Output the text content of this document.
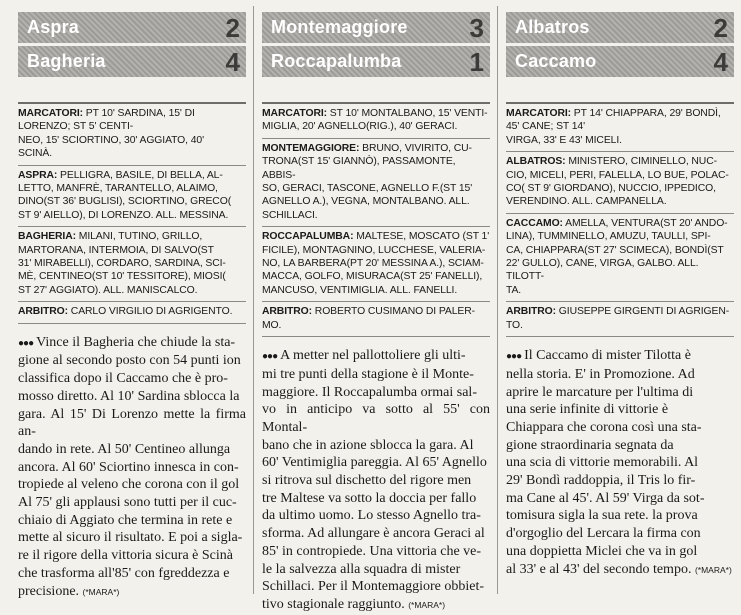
Aspra	2
Bagheria	4
MARCATORI: PT 10' SARDINA, 15' DI LORENZO; ST 5' CENTI-
NEO, 15' SCIORTINO, 30' AGGIATO, 40'
SCINÀ.
ASPRA: PELLIGRA, BASILE, DI BELLA, AL-
LETTO, MANFRÈ, TARANTELLO, ALAIMO,
DINO(ST 36' BUGLISI), SCIORTINO, GRECO(
ST 9' AIELLO), DI LORENZO. ALL. MESSINA.
BAGHERIA: MILANI, TUTINO, GRILLO,
MARTORANA, INTERMOIA, DI SALVO(ST
31' MIRABELLI), CORDARO, SARDINA, SCI-
MÈ, CENTINEO(ST 10' TESSITORE), MIOSI(
ST 27' AGGIATO). ALL. MANISCALCO.
ARBITRO: CARLO VIRGILIO DI AGRIGENTO.
●●● Vince il Bagheria che chiude la sta-
gione al secondo posto con 54 punti ion
classifica dopo il Caccamo che è pro-
mosso diretto. Al 10' Sardina sblocca la
gara. Al 15' Di Lorenzo mette la firma an-
dando in rete. Al 50' Centineo allunga
ancora. Al 60' Sciortino innesca in con-
tropiede al veleno che corona con il gol
Al 75' gli applausi sono tutti per il cuc-
chiaio di Aggiato che termina in rete e
mette al sicuro il risultato. E poi a sigla-
re il rigore della vittoria sicura è Scinà
che trasforma all'85' con fgreddezza e
precisione. (*MARA*)
Montemaggiore 3
Roccapalumba	1
MARCATORI: ST 10' MONTALBANO, 15' VENTI-
MIGLIA, 20' AGNELLO(RIG.), 40' GERACI.
MONTEMAGGIORE: BRUNO, VIVIRITO, CU-
TRONA(ST 15' GIANNÒ), PASSAMONTE, ABBIS-
SO, GERACI, TASCONE, AGNELLO F.(ST 15'
AGNELLO A.), VEGNA, MONTALBANO. ALL.
SCHILLACI.
ROCCAPALUMBA: MALTESE, MOSCATO (ST 1'
FICILE), MONTAGNINO, LUCCHESE, VALERIA-
NO, LA BARBERA(PT 20' MESSINA A.), SCIAM-
MACCA, GOLFO, MISURACA(ST 25' FANELLI),
MANCUSO, VENTIMIGLIA. ALL. FANELLI.
ARBITRO: ROBERTO CUSIMANO DI PALER-
MO.
●●● A metter nel pallottoliere gli ulti-
mi tre punti della stagione è il Monte-
maggiore. Il Roccapalumba ormai sal-
vo in anticipo va sotto al 55' con Montal-
bano che in azione sblocca la gara. Al
60' Ventimiglia pareggia. Al 65' Agnello
si ritrova sul dischetto del rigore men
tre Maltese va sotto la doccia per fallo
da ultimo uomo. Lo stesso Agnello tra-
sforma. Ad allungare è ancora Geraci al
85' in contropiede. Una vittoria che ve-
le la salvezza alla squadra di mister
Schillaci. Per il Montemaggiore obbiet-
tivo stagionale raggiunto. (*MARA*)
Albatros	2
Caccamo	4
MARCATORI: PT 14' CHIAPPARA, 29' BONDÌ, 45' CANE; ST 14'
VIRGA, 33' E 43' MICELI.
ALBATROS: MINISTERO, CIMINELLO, NUC-
CIO, MICELI, PERI, FALELLA, LO BUE, POLAC-
CO( ST 9' GIORDANO), NUCCIO, IPPEDICO,
VERENDINO. ALL. CAMPANELLA.
CACCAMO: AMELLA, VENTURA(ST 20' ANDO-
LINA), TUMMINELLO, AMUZU, TAULLI, SPI-
CA, CHIAPPARA(ST 27' SCIMECA), BONDÌ(ST
22' GULLO), CANE, VIRGA, GALBO. ALL. TILOTT-
TA.
ARBITRO: GIUSEPPE GIRGENTI DI AGRIGEN-
TO.
●●● Il Caccamo di mister Tilotta è
nella storia. E' in Promozione. Ad
aprire le marcature per l'ultima di
una serie infinite di vittorie è
Chiappara che corona così una sta-
gione straordinaria segnata da
una scia di vittorie memorabili. Al
29' Bondì raddoppia, il Tris lo fir-
ma Cane al 45'. Al 59' Virga da sot-
tomisura sigla la sua rete. la prova
d'orgoglio del Lercara la firma con
una doppietta Miclei che va in gol
al 33' e al 43' del secondo tempo. (*MARA*)
